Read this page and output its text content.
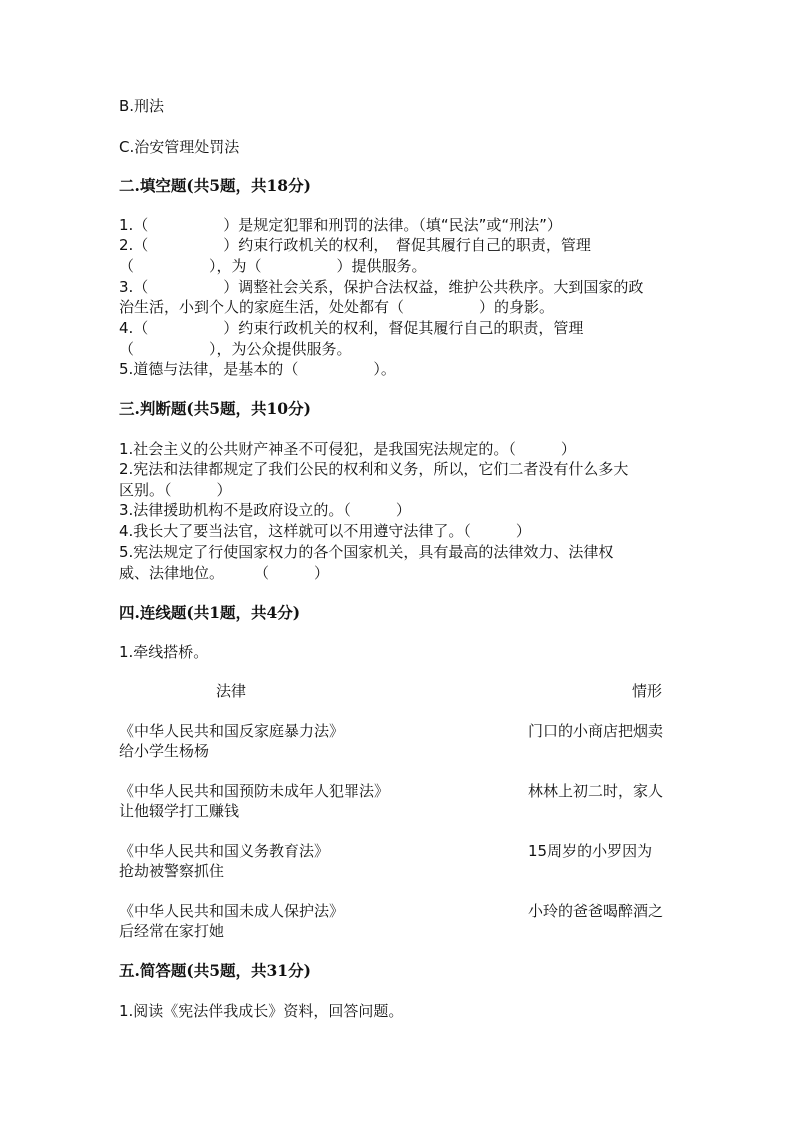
B.刑法
C.治安管理处罚法
二.填空题(共5题，共18分)
1.（　　　　　）是规定犯罪和刑罚的法律。（填“民法”或“刑法”）
2.（　　　　　）约束行政机关的权利，　督促其履行自己的职责，管理
（　　　　　），为（　　　　　）提供服务。
3.（　　　　　）调整社会关系，保护合法权益，维护公共秩序。大到国家的政
治生活，小到个人的家庭生活，处处都有（　　　　　）的身影。
4.（　　　　　）约束行政机关的权利，督促其履行自己的职责，管理
（　　　　　），为公众提供服务。
5.道德与法律，是基本的（　　　　　）。
三.判断题(共5题，共10分)
1.社会主义的公共财产神圣不可侵犯，是我国宪法规定的。（　　　）
2.宪法和法律都规定了我们公民的权利和义务，所以，它们二者没有什么多大
区别。（　　　）
3.法律援助机构不是政府设立的。（　　　）
4.我长大了要当法官，这样就可以不用遵守法律了。（　　　）
5.宪法规定了行使国家权力的各个国家机关，具有最高的法律效力、法律权
威、法律地位。　　　（　　　）
四.连线题(共1题，共4分)
1.牵线搭桥。
法律	情形
《中华人民共和国反家庭暴力法》	门口的小商店把烟卖
给小学生杨杨
《中华人民共和国预防未成年人犯罪法》	林林上初二时，家人
让他辍学打工赚钱
《中华人民共和国义务教育法》	15周岁的小罗因为
抢劫被警察抓住
《中华人民共和国未成人保护法》	小玲的爸爸喝醉酒之
后经常在家打她
五.简答题(共5题，共31分)
1.阅读《宪法伴我成长》资料，回答问题。
